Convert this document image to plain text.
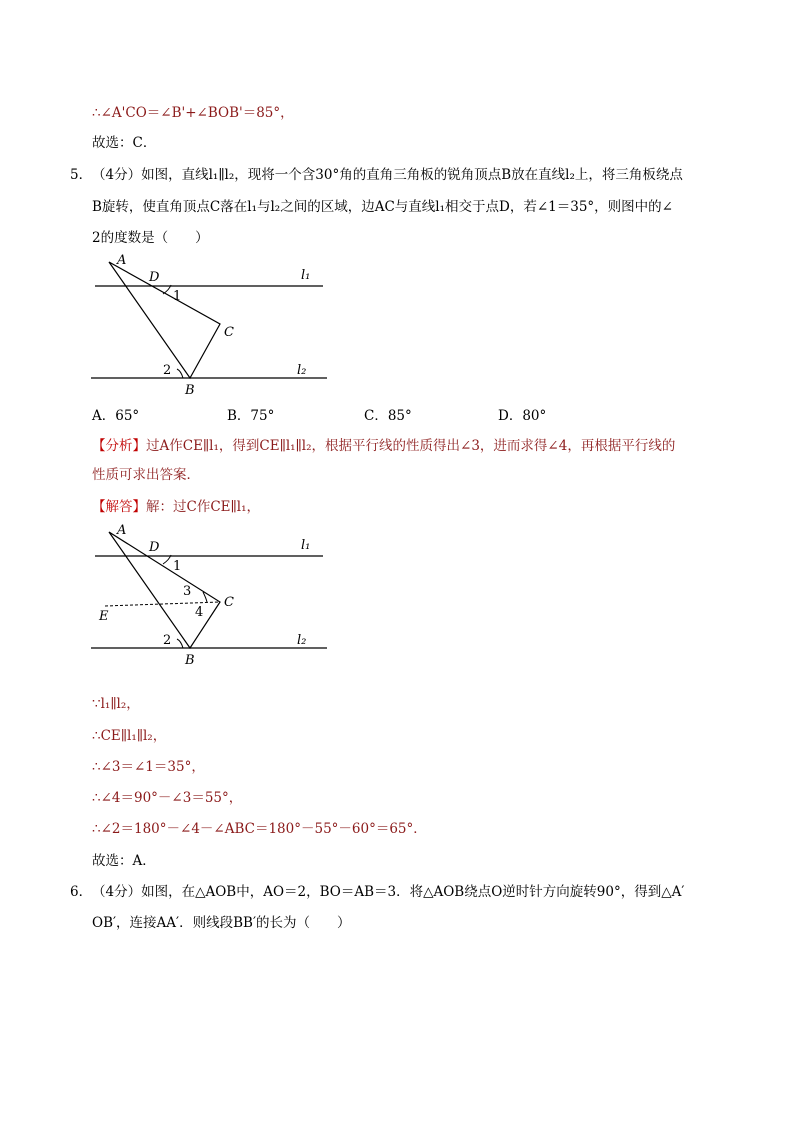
∴∠A'CO＝∠B'+∠BOB'＝85°，
故选：C．
5． （4分）如图，直线l₁∥l₂，现将一个含30°角的直角三角板的锐角顶点B放在直线l₂上，将三角板绕点
B旋转，使直角顶点C落在l₁与l₂之间的区域，边AC与直线l₁相交于点D，若∠1＝35°，则图中的∠
2的度数是（　　）
A
D
1
l₁
C
2	l₂
B
A．65°	B．75°	C．85°	D．80°
【分析】过A作CE∥l₁，得到CE∥l₁∥l₂，根据平行线的性质得出∠3，进而求得∠4，再根据平行线的
性质可求出答案．
【解答】解：过C作CE∥l₁，
A
D
1
l₁
3
C
E	4
2	l₂
B
∵l₁∥l₂，
∴CE∥l₁∥l₂，
∴∠3＝∠1＝35°，
∴∠4＝90°－∠3＝55°，
∴∠2＝180°－∠4－∠ABC＝180°－55°－60°＝65°．
故选：A．
6． （4分）如图，在△AOB中，AO＝2，BO＝AB＝3．将△AOB绕点O逆时针方向旋转90°，得到△A′
OB′，连接AA′．则线段BB′的长为（　　）
